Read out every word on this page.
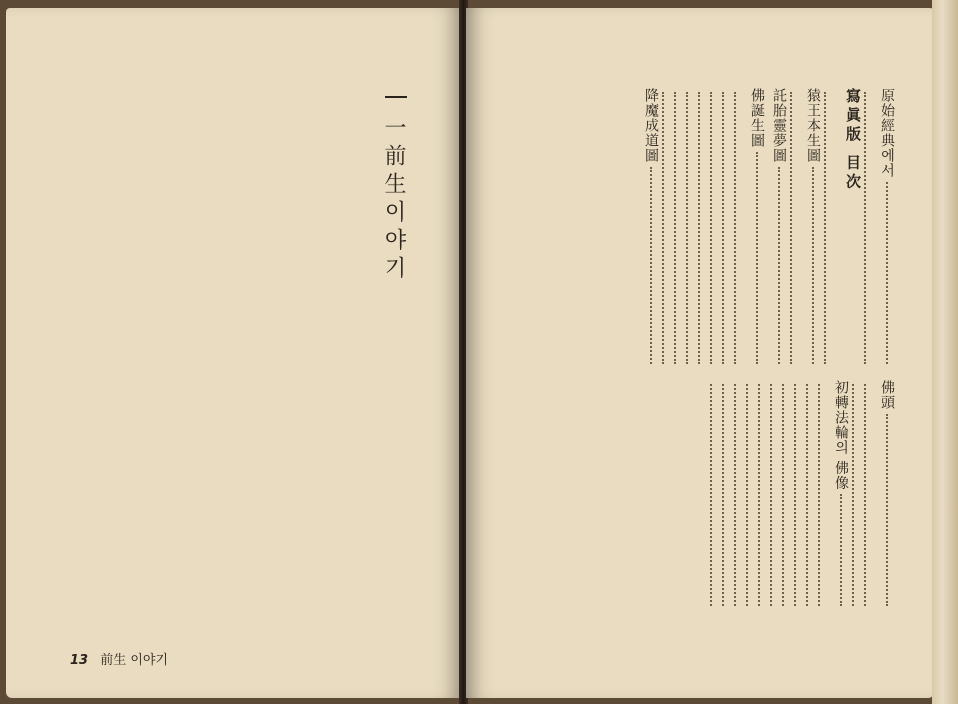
一前生이야기
13 前生 이야기
原始經典에서
寫眞版 目次
猿王本生圖
託胎靈夢圖
佛誕生圖
降魔成道圖
佛頭
初轉法輪의 佛像
